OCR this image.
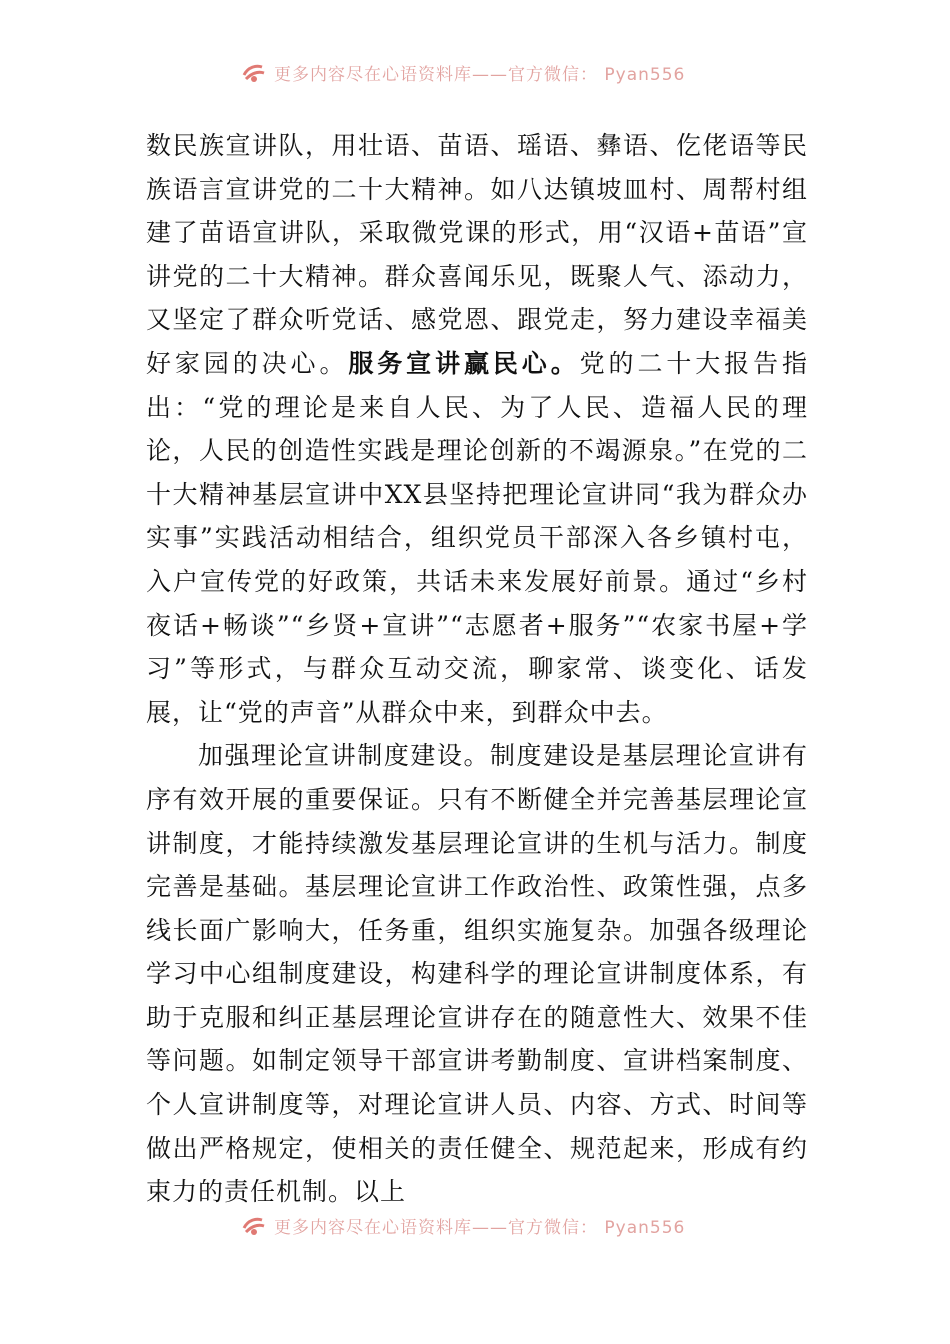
更多内容尽在心语资料库——官方微信： Pyan556

数民族宣讲队，用壮语、苗语、瑶语、彝语、仡佬语等民族语言宣讲党的二十大精神。如八达镇坡皿村、周帮村组建了苗语宣讲队，采取微党课的形式，用“汉语+苗语”宣讲党的二十大精神。群众喜闻乐见，既聚人气、添动力，又坚定了群众听党话、感党恩、跟党走，努力建设幸福美好家园的决心。服务宣讲赢民心。党的二十大报告指出：“党的理论是来自人民、为了人民、造福人民的理论，人民的创造性实践是理论创新的不竭源泉。”在党的二十大精神基层宣讲中XX县坚持把理论宣讲同“我为群众办实事”实践活动相结合，组织党员干部深入各乡镇村屯，入户宣传党的好政策，共话未来发展好前景。通过“乡村夜话+畅谈”“乡贤+宣讲”“志愿者+服务”“农家书屋+学习”等形式，与群众互动交流，聊家常、谈变化、话发展，让“党的声音”从群众中来，到群众中去。

加强理论宣讲制度建设。制度建设是基层理论宣讲有序有效开展的重要保证。只有不断健全并完善基层理论宣讲制度，才能持续激发基层理论宣讲的生机与活力。制度完善是基础。基层理论宣讲工作政治性、政策性强，点多线长面广影响大，任务重，组织实施复杂。加强各级理论学习中心组制度建设，构建科学的理论宣讲制度体系，有助于克服和纠正基层理论宣讲存在的随意性大、效果不佳等问题。如制定领导干部宣讲考勤制度、宣讲档案制度、个人宣讲制度等，对理论宣讲人员、内容、方式、时间等做出严格规定，使相关的责任健全、规范起来，形成有约束力的责任机制。以上

更多内容尽在心语资料库——官方微信： Pyan556
